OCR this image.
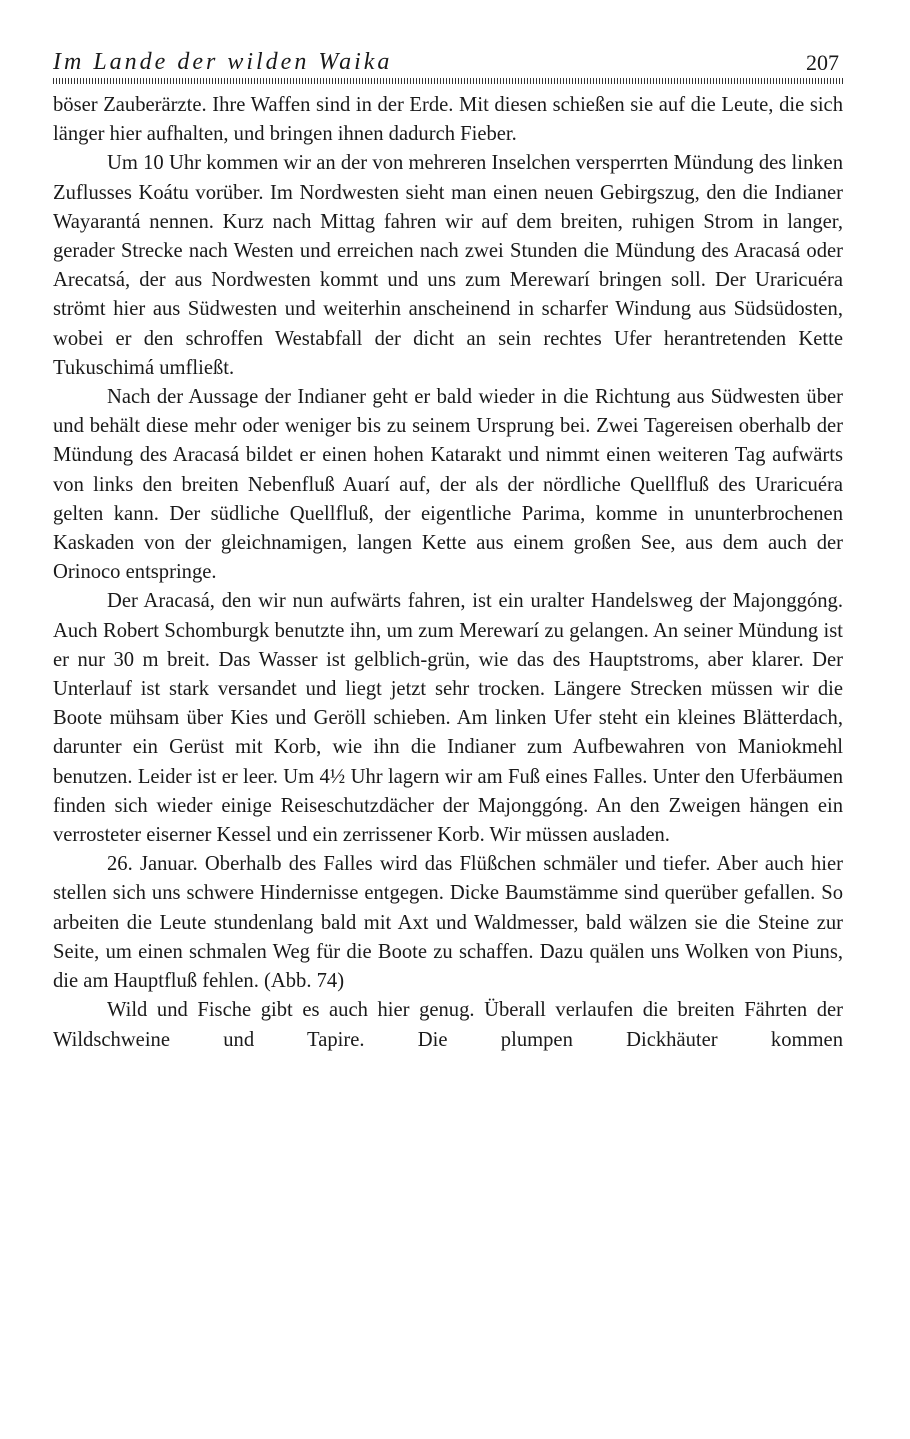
Im Lande der wilden Waika	207

böser Zauberärzte. Ihre Waffen sind in der Erde. Mit diesen schießen sie auf die Leute, die sich länger hier aufhalten, und bringen ihnen dadurch Fieber.

Um 10 Uhr kommen wir an der von mehreren Inselchen versperrten Mündung des linken Zuflusses Koátu vorüber. Im Nordwesten sieht man einen neuen Gebirgszug, den die Indianer Wayarantá nennen. Kurz nach Mittag fahren wir auf dem breiten, ruhigen Strom in langer, gerader Strecke nach Westen und erreichen nach zwei Stunden die Mündung des Aracasá oder Arecatsá, der aus Nordwesten kommt und uns zum Merewarí bringen soll. Der Uraricuéra strömt hier aus Südwesten und weiterhin anscheinend in scharfer Windung aus Südsüdosten, wobei er den schroffen Westabfall der dicht an sein rechtes Ufer herantretenden Kette Tukuschimá umfließt.

Nach der Aussage der Indianer geht er bald wieder in die Richtung aus Südwesten über und behält diese mehr oder weniger bis zu seinem Ursprung bei. Zwei Tagereisen oberhalb der Mündung des Aracasá bildet er einen hohen Katarakt und nimmt einen weiteren Tag aufwärts von links den breiten Nebenfluß Auarí auf, der als der nördliche Quellfluß des Uraricuéra gelten kann. Der südliche Quellfluß, der eigentliche Parima, komme in ununterbrochenen Kaskaden von der gleichnamigen, langen Kette aus einem großen See, aus dem auch der Orinoco entspringe.

Der Aracasá, den wir nun aufwärts fahren, ist ein uralter Handelsweg der Majonggóng. Auch Robert Schomburgk benutzte ihn, um zum Merewarí zu gelangen. An seiner Mündung ist er nur 30 m breit. Das Wasser ist gelblich-grün, wie das des Hauptstroms, aber klarer. Der Unterlauf ist stark versandet und liegt jetzt sehr trocken. Längere Strecken müssen wir die Boote mühsam über Kies und Geröll schieben. Am linken Ufer steht ein kleines Blätterdach, darunter ein Gerüst mit Korb, wie ihn die Indianer zum Aufbewahren von Maniokmehl benutzen. Leider ist er leer. Um 4½ Uhr lagern wir am Fuß eines Falles. Unter den Uferbäumen finden sich wieder einige Reiseschutzdächer der Majonggóng. An den Zweigen hängen ein verrosteter eiserner Kessel und ein zerrissener Korb. Wir müssen ausladen.

26. Januar. Oberhalb des Falles wird das Flüßchen schmäler und tiefer. Aber auch hier stellen sich uns schwere Hindernisse entgegen. Dicke Baumstämme sind querüber gefallen. So arbeiten die Leute stundenlang bald mit Axt und Waldmesser, bald wälzen sie die Steine zur Seite, um einen schmalen Weg für die Boote zu schaffen. Dazu quälen uns Wolken von Piuns, die am Hauptfluß fehlen. (Abb. 74)

Wild und Fische gibt es auch hier genug. Überall verlaufen die breiten Fährten der Wildschweine und Tapire. Die plumpen Dickhäuter kommen
